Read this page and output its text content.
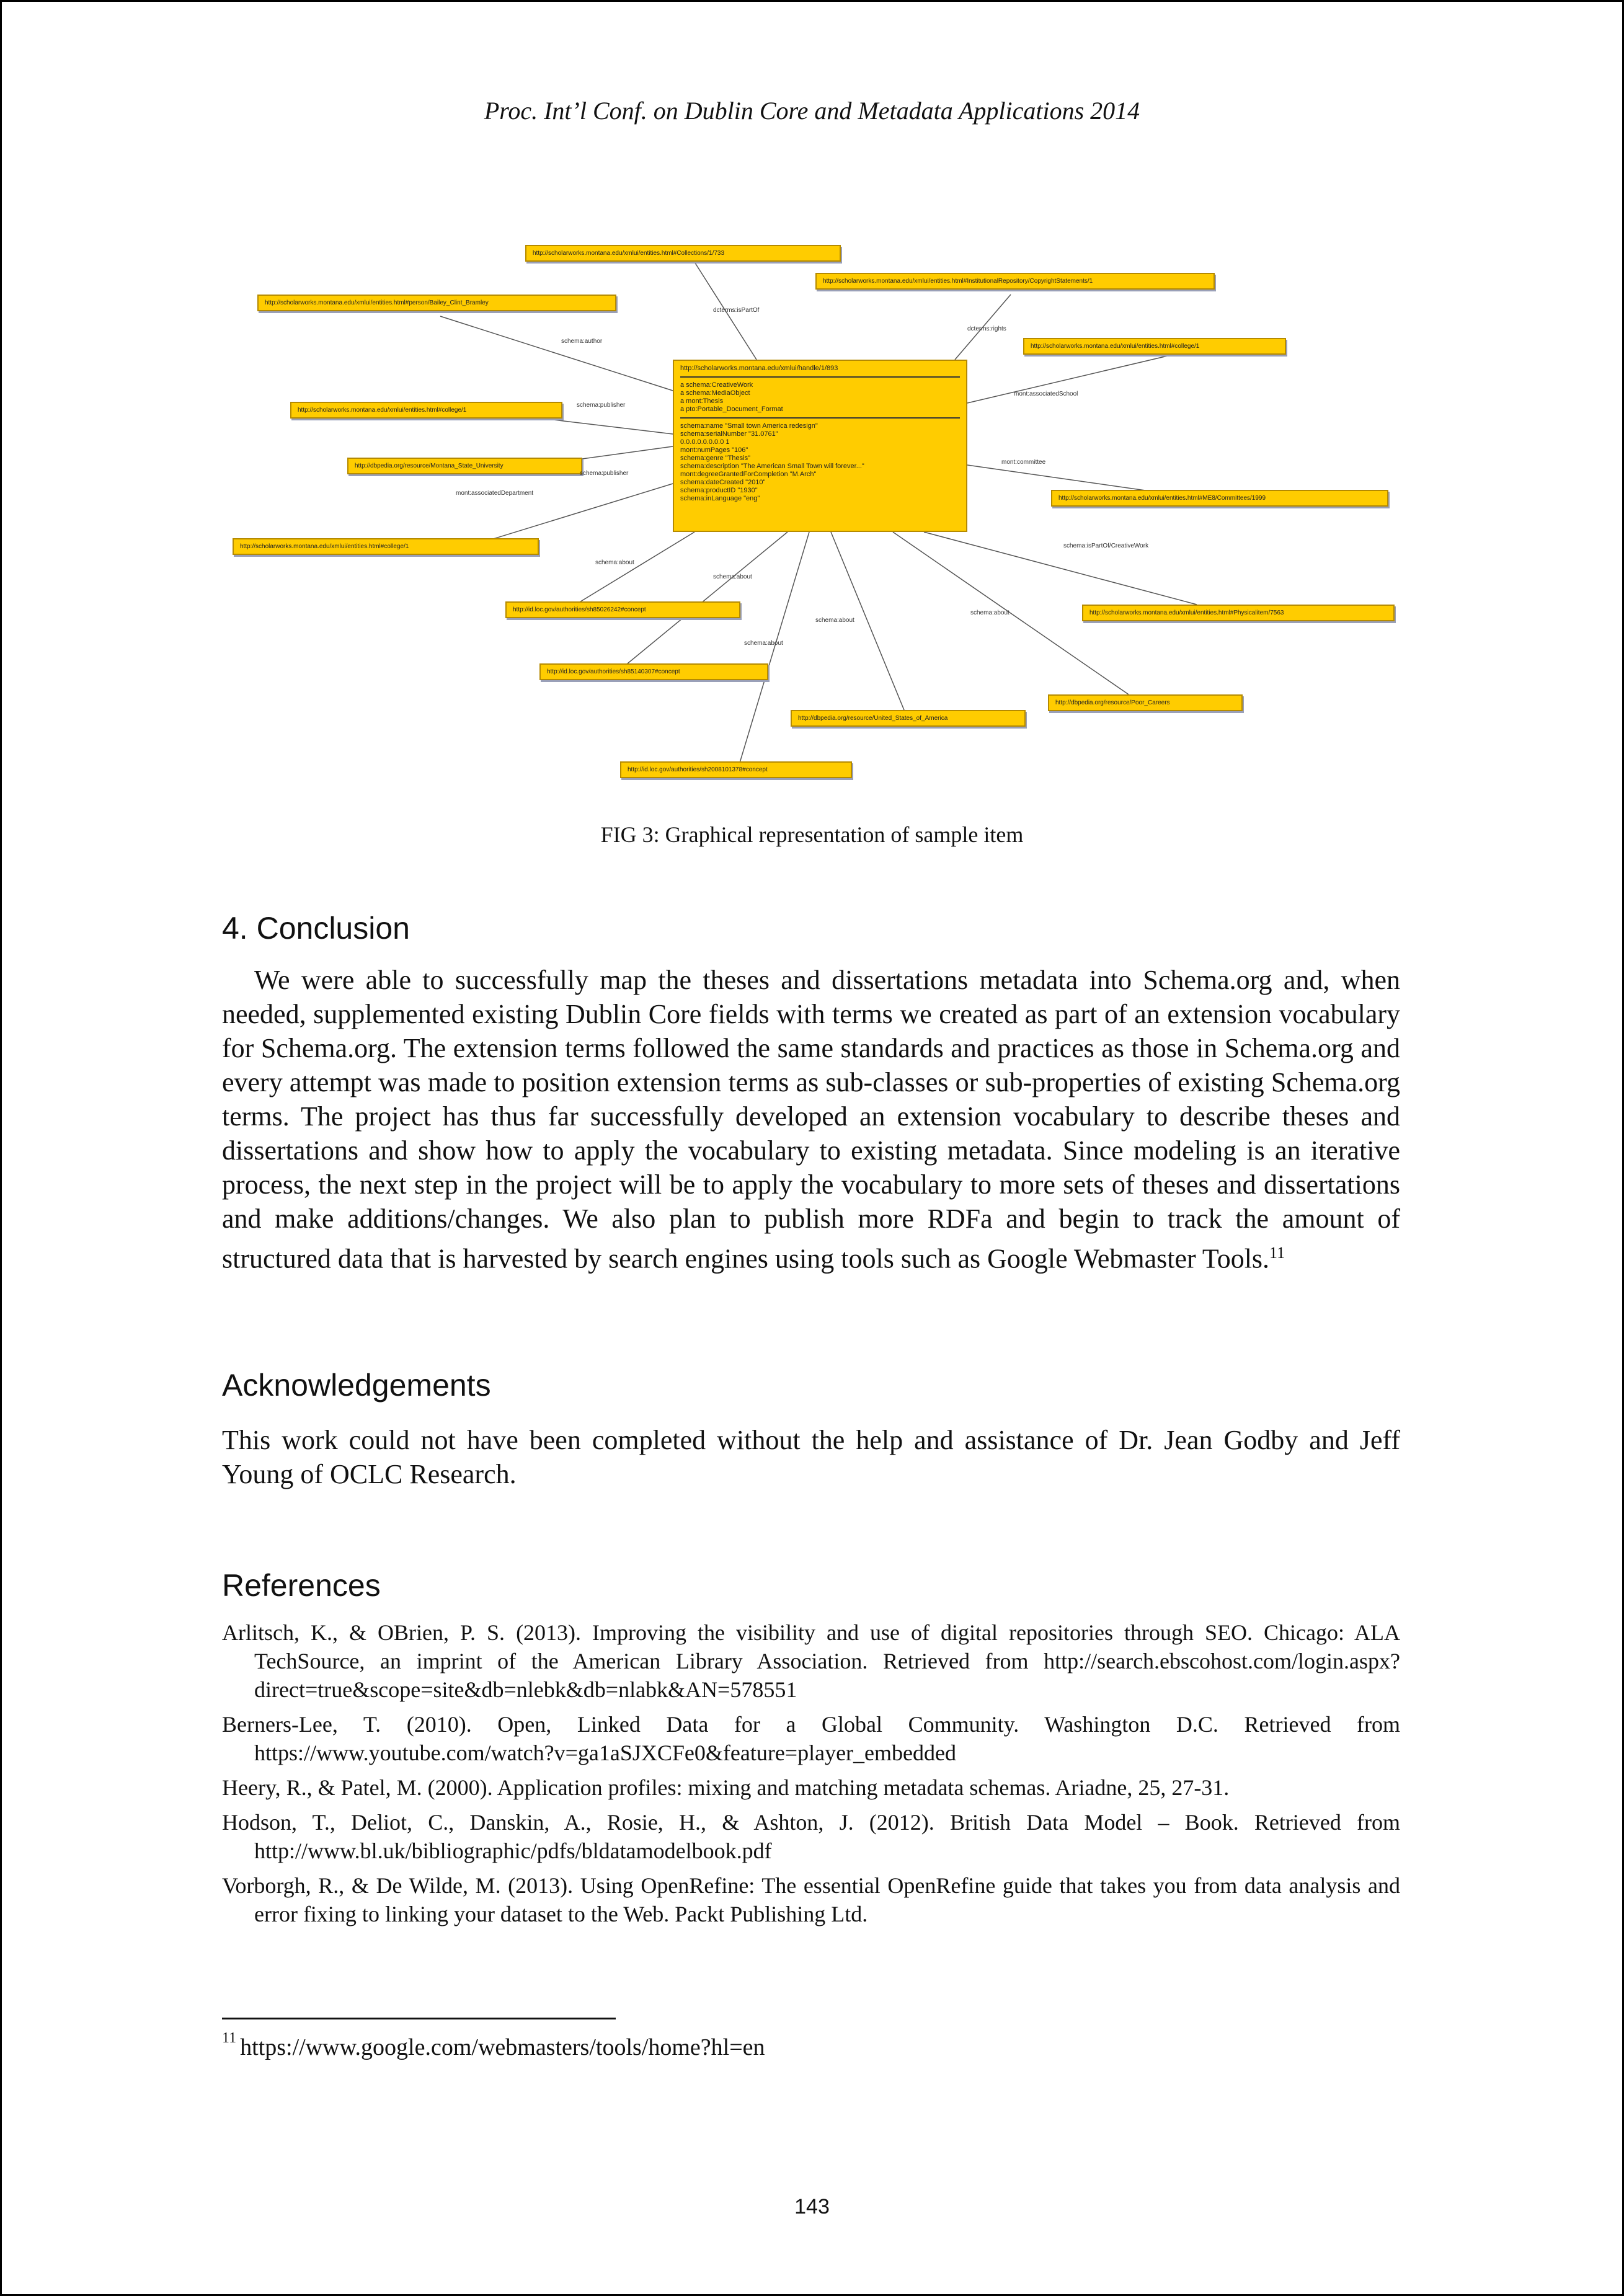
Proc. Int’l Conf. on Dublin Core and Metadata Applications 2014
http://scholarworks.montana.edu/xmlui/entities.html#Collections/1/733
http://scholarworks.montana.edu/xmlui/entities.html#InstitutionalRepository/CopyrightStatements/1
http://scholarworks.montana.edu/xmlui/entities.html#person/Bailey_Clint_Bramley
http://scholarworks.montana.edu/xmlui/entities.html#college/1
http://scholarworks.montana.edu/xmlui/entities.html#college/1
http://dbpedia.org/resource/Montana_State_University
http://scholarworks.montana.edu/xmlui/entities.html#ME8/Committees/1999
http://scholarworks.montana.edu/xmlui/entities.html#college/1
http://id.loc.gov/authorities/sh85026242#concept	http://scholarworks.montana.edu/xmlui/entities.html#Physicalitem/7563
http://id.loc.gov/authorities/sh85140307#concept
http://dbpedia.org/resource/Poor_Careers
http://dbpedia.org/resource/United_States_of_America
http://id.loc.gov/authorities/sh2008101378#concept
http://scholarworks.montana.edu/xmlui/handle/1/893
a schema:CreativeWork
a schema:MediaObject
a mont:Thesis
a pto:Portable_Document_Format
schema:name "Small town America redesign"
schema:serialNumber "31.0761"
0.0.0.0.0.0.0.0 1
mont:numPages "106"
schema:genre "Thesis"
schema:description "The American Small Town will forever..."
mont:degreeGrantedForCompletion "M.Arch"
schema:dateCreated "2010"
schema:productID "1930"
schema:inLanguage "eng"
dcterms:isPartOf
dcterms:rights
schema:author
mont:associatedSchool
schema:publisher
schema:publisher
mont:committee
mont:associatedDepartment
schema:isPartOf/CreativeWork
schema:about
schema:about
schema:about
schema:about
schema:about
FIG 3: Graphical representation of sample item
4. Conclusion

We were able to successfully map the theses and dissertations metadata into Schema.org and, when needed, supplemented existing Dublin Core fields with terms we created as part of an extension vocabulary for Schema.org. The extension terms followed the same standards and practices as those in Schema.org and every attempt was made to position extension terms as sub-classes or sub-properties of existing Schema.org terms. The project has thus far successfully developed an extension vocabulary to describe theses and dissertations and show how to apply the vocabulary to existing metadata. Since modeling is an iterative process, the next step in the project will be to apply the vocabulary to more sets of theses and dissertations and make additions/changes. We also plan to publish more RDFa and begin to track the amount of structured data that is harvested by search engines using tools such as Google Webmaster Tools.$^{11}$

Acknowledgements

This work could not have been completed without the help and assistance of Dr. Jean Godby and Jeff Young of OCLC Research.

References

Arlitsch, K., & OBrien, P. S. (2013). Improving the visibility and use of digital repositories through SEO. Chicago: ALA TechSource, an imprint of the American Library Association. Retrieved from http://search.ebscohost.com/login.aspx?direct=true&scope=site&db=nlebk&db=nlabk&AN=578551

Berners-Lee, T. (2010). Open, Linked Data for a Global Community. Washington D.C. Retrieved from https://www.youtube.com/watch?v=ga1aSJXCFe0&feature=player_embedded

Heery, R., & Patel, M. (2000). Application profiles: mixing and matching metadata schemas. Ariadne, 25, 27-31.

Hodson, T., Deliot, C., Danskin, A., Rosie, H., & Ashton, J. (2012). British Data Model – Book. Retrieved from http://www.bl.uk/bibliographic/pdfs/bldatamodelbook.pdf

Vorborgh, R., & De Wilde, M. (2013). Using OpenRefine: The essential OpenRefine guide that takes you from data analysis and error fixing to linking your dataset to the Web. Packt Publishing Ltd.

$^{11}$ https://www.google.com/webmasters/tools/home?hl=en
143
